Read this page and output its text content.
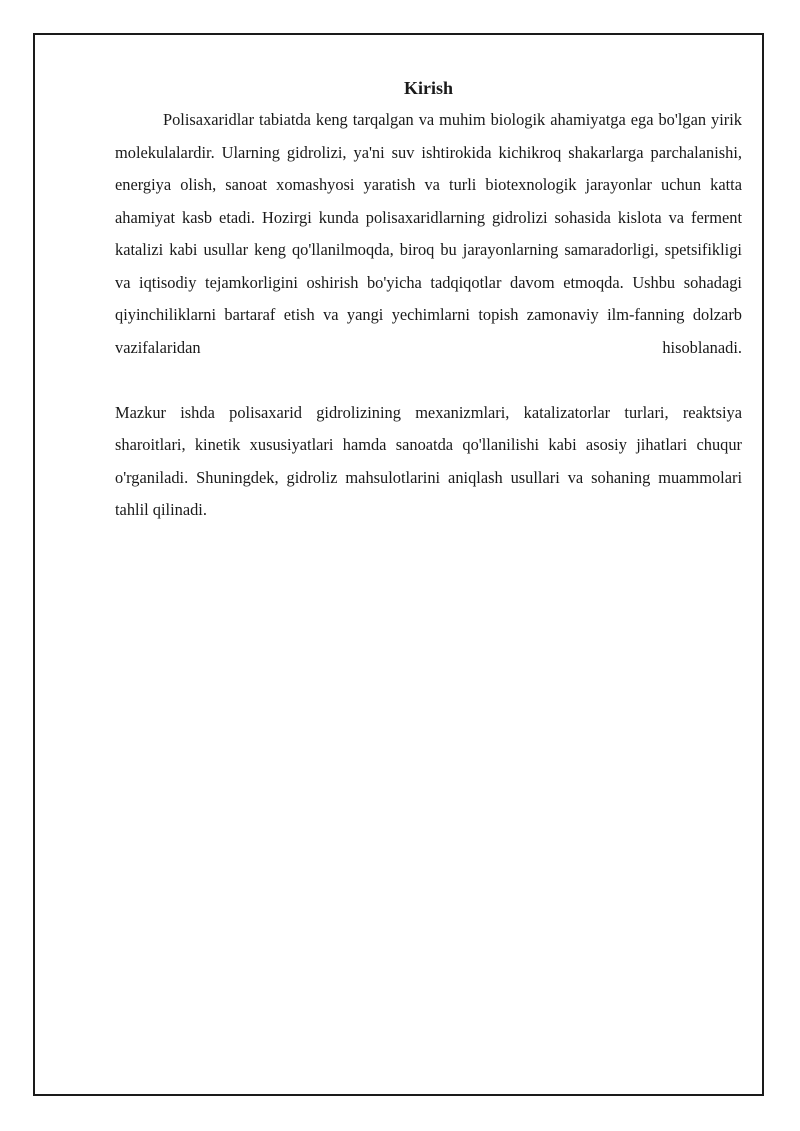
Kirish

Polisaxaridlar tabiatda keng tarqalgan va muhim biologik ahamiyatga ega bo'lgan yirik molekulalardir. Ularning gidrolizi, ya'ni suv ishtirokida kichikroq shakarlarga parchalanishi, energiya olish, sanoat xomashyosi yaratish va turli biotexnologik jarayonlar uchun katta ahamiyat kasb etadi. Hozirgi kunda polisaxaridlarning gidrolizi sohasida kislota va ferment katalizi kabi usullar keng qo'llanilmoqda, biroq bu jarayonlarning samaradorligi, spetsifikligi va iqtisodiy tejamkorligini oshirish bo'yicha tadqiqotlar davom etmoqda. Ushbu sohadagi qiyinchiliklarni bartaraf etish va yangi yechimlarni topish zamonaviy ilm-fanning dolzarb vazifalaridan hisoblanadi.

Mazkur ishda polisaxarid gidrolizining mexanizmlari, katalizatorlar turlari, reaktsiya sharoitlari, kinetik xususiyatlari hamda sanoatda qo'llanilishi kabi asosiy jihatlari chuqur o'rganiladi. Shuningdek, gidroliz mahsulotlarini aniqlash usullari va sohaning muammolari tahlil qilinadi.
